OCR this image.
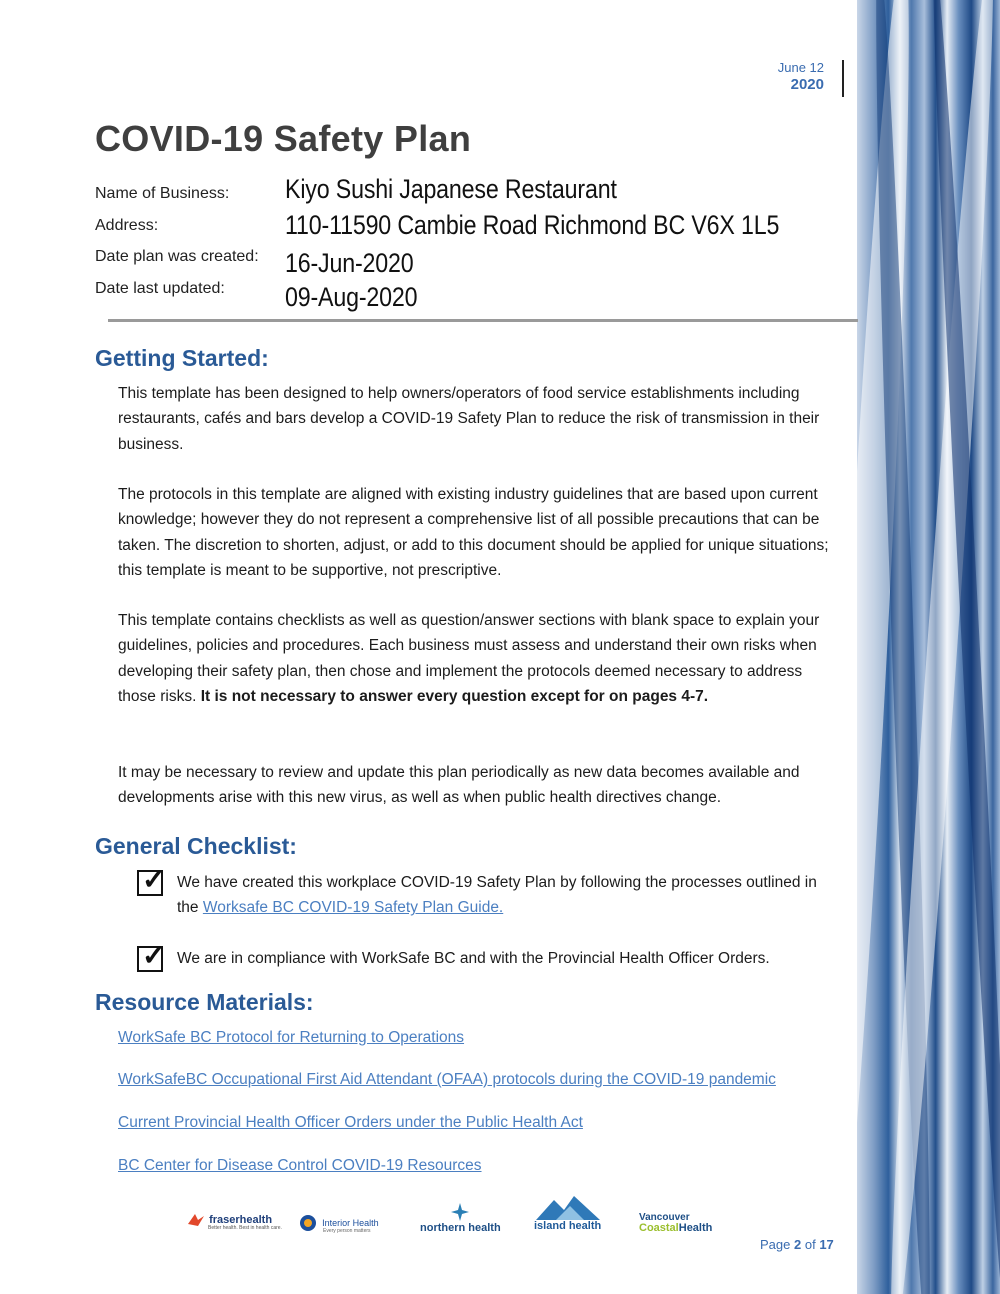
June 12
2020
COVID-19 Safety Plan
Name of Business: Kiyo Sushi Japanese Restaurant
Address:	110-11590 Cambie Road Richmond BC V6X 1L5
Date plan was created: 16-Jun-2020
Date last updated: 09-Aug-2020
Getting Started:

This template has been designed to help owners/operators of food service establishments including restaurants, cafés and bars develop a COVID-19 Safety Plan to reduce the risk of transmission in their business.

The protocols in this template are aligned with existing industry guidelines that are based upon current knowledge; however they do not represent a comprehensive list of all possible precautions that can be taken. The discretion to shorten, adjust, or add to this document should be applied for unique situations; this template is meant to be supportive, not prescriptive.

This template contains checklists as well as question/answer sections with blank space to explain your guidelines, policies and procedures. Each business must assess and understand their own risks when developing their safety plan, then chose and implement the protocols deemed necessary to address those risks. It is not necessary to answer every question except for on pages 4-7.

It may be necessary to review and update this plan periodically as new data becomes available and developments arise with this new virus, as well as when public health directives change.

General Checklist:
✓ We have created this workplace COVID-19 Safety Plan by following the processes outlined in the Worksafe BC COVID-19 Safety Plan Guide.
✓ We are in compliance with WorkSafe BC and with the Provincial Health Officer Orders.
Resource Materials:
WorkSafe BC Protocol for Returning to Operations
WorkSafeBC Occupational First Aid Attendant (OFAA) protocols during the COVID-19 pandemic
Current Provincial Health Officer Orders under the Public Health Act
BC Center for Disease Control COVID-19 Resources
fraserhealth
Better health. Best in health care.
Interior Health
Every person matters	northern health	island health
Vancouver
CoastalHealth
Page 2 of 17
